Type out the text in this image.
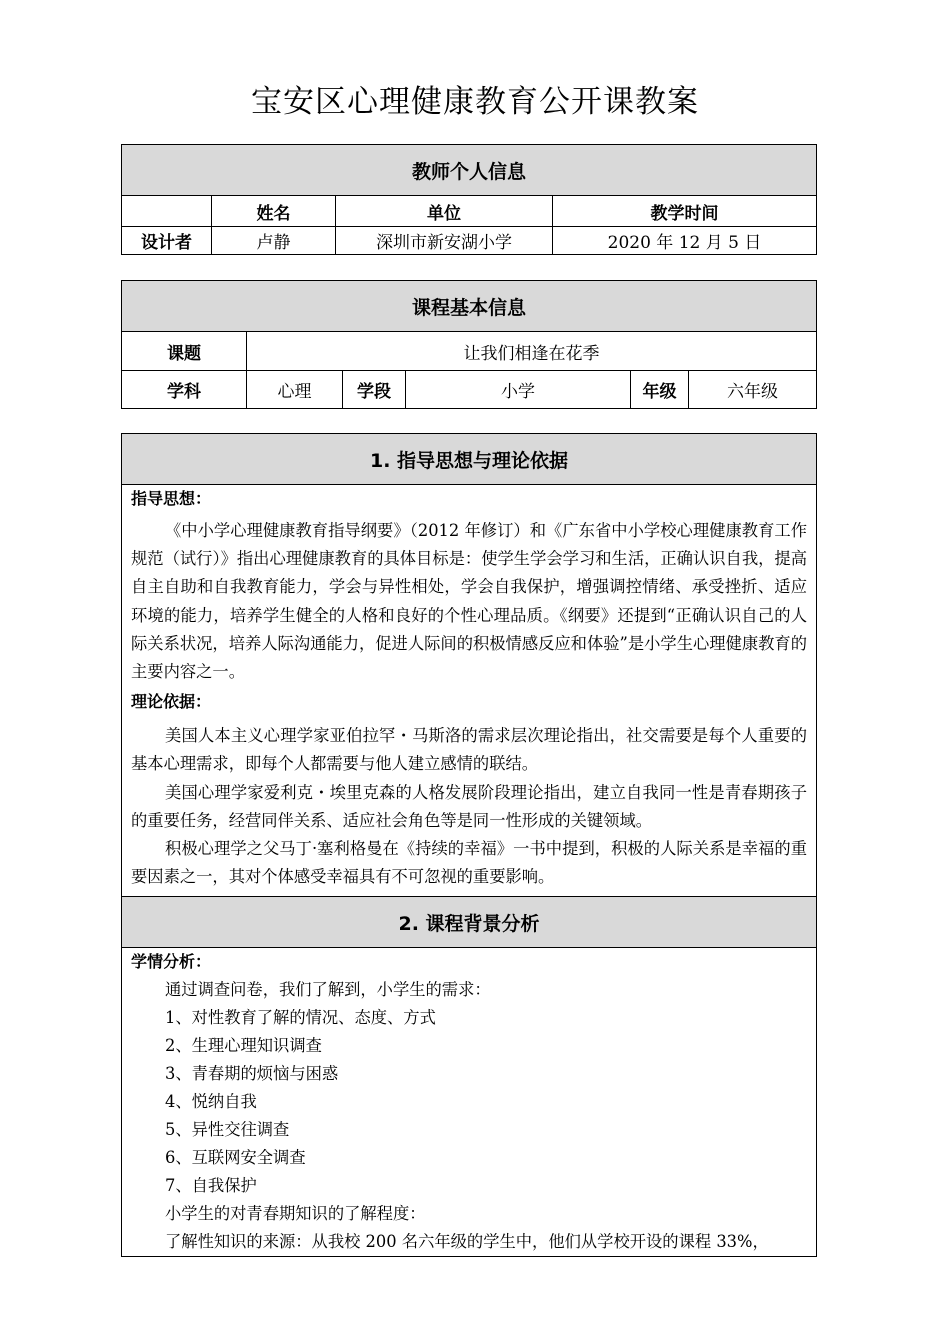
宝安区心理健康教育公开课教案
教师个人信息			
	姓名	单位	教学时间
设计者	卢静	深圳市新安湖小学	2020 年 12 月 5 日
课程基本信息					
课题	让我们相逢在花季				
学科	心理	学段	小学	年级	六年级
1. 指导思想与理论依据

指导思想：

《中小学心理健康教育指导纲要》（2012 年修订）和《广东省中小学校心理健康教育工作规范（试行）》指出心理健康教育的具体目标是：使学生学会学习和生活，正确认识自我，提高自主自助和自我教育能力，学会与异性相处，学会自我保护，增强调控情绪、承受挫折、适应环境的能力，培养学生健全的人格和良好的个性心理品质。《纲要》还提到“正确认识自己的人际关系状况，培养人际沟通能力，促进人际间的积极情感反应和体验”是小学生心理健康教育的主要内容之一。

理论依据：

美国人本主义心理学家亚伯拉罕・马斯洛的需求层次理论指出，社交需要是每个人重要的基本心理需求，即每个人都需要与他人建立感情的联结。

美国心理学家爱利克・埃里克森的人格发展阶段理论指出，建立自我同一性是青春期孩子的重要任务，经营同伴关系、适应社会角色等是同一性形成的关键领域。

积极心理学之父马丁·塞利格曼在《持续的幸福》一书中提到，积极的人际关系是幸福的重要因素之一，其对个体感受幸福具有不可忽视的重要影响。

2. 课程背景分析

学情分析：
通过调查问卷，我们了解到，小学生的需求：
1、对性教育了解的情况、态度、方式
2、生理心理知识调查
3、青春期的烦恼与困惑
4、悦纳自我
5、异性交往调查
6、互联网安全调查
7、自我保护
小学生的对青春期知识的了解程度：
了解性知识的来源：从我校 200 名六年级的学生中，他们从学校开设的课程 33%，
